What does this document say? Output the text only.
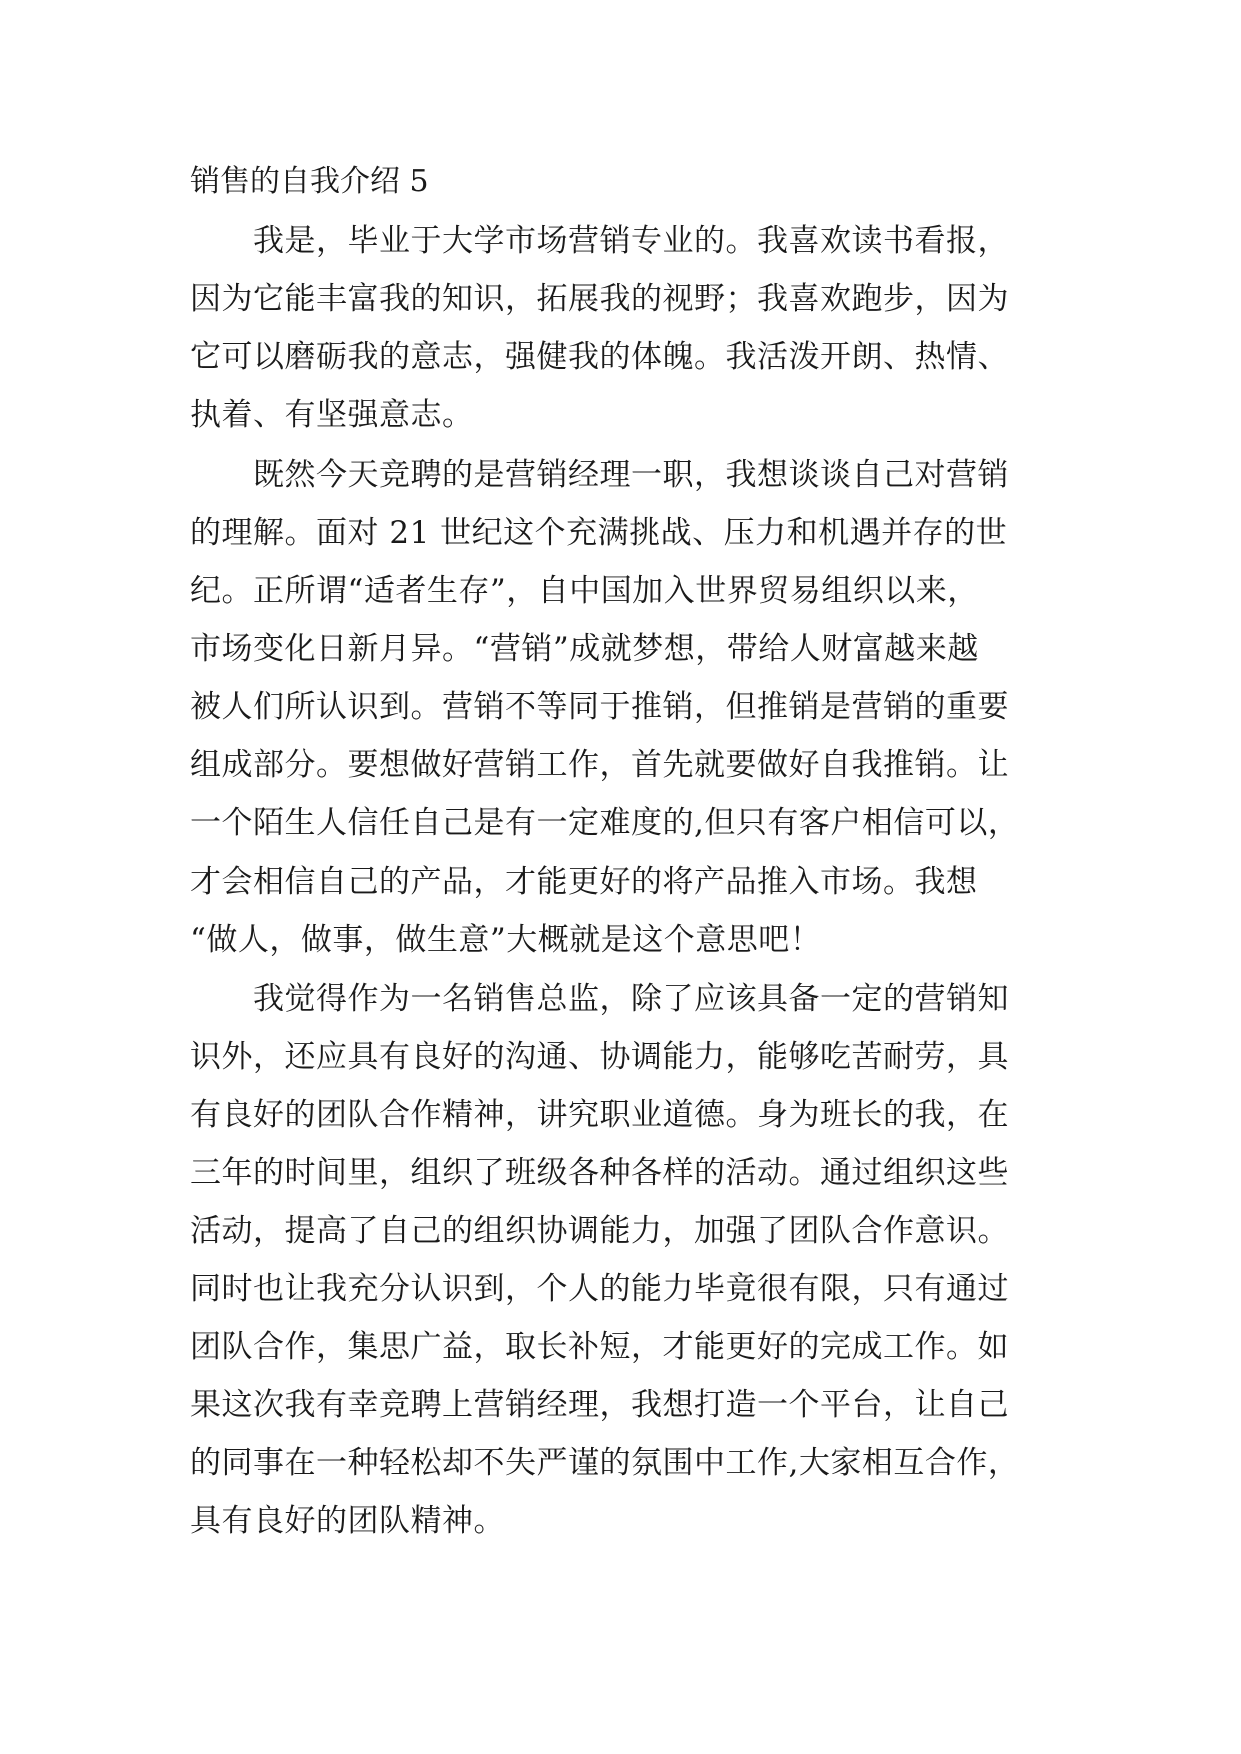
销售的自我介绍 5
　　我是，毕业于大学市场营销专业的。我喜欢读书看报，
因为它能丰富我的知识，拓展我的视野；我喜欢跑步，因为
它可以磨砺我的意志，强健我的体魄。我活泼开朗、热情、
执着、有坚强意志。
　　既然今天竞聘的是营销经理一职，我想谈谈自己对营销
的理解。面对 21 世纪这个充满挑战、压力和机遇并存的世
纪。正所谓“适者生存”，自中国加入世界贸易组织以来，
市场变化日新月异。“营销”成就梦想，带给人财富越来越
被人们所认识到。营销不等同于推销，但推销是营销的重要
组成部分。要想做好营销工作，首先就要做好自我推销。让
一个陌生人信任自己是有一定难度的,但只有客户相信可以，
才会相信自己的产品，才能更好的将产品推入市场。我想
“做人，做事，做生意”大概就是这个意思吧！
　　我觉得作为一名销售总监，除了应该具备一定的营销知
识外，还应具有良好的沟通、协调能力，能够吃苦耐劳，具
有良好的团队合作精神，讲究职业道德。身为班长的我，在
三年的时间里，组织了班级各种各样的活动。通过组织这些
活动，提高了自己的组织协调能力，加强了团队合作意识。
同时也让我充分认识到，个人的能力毕竟很有限，只有通过
团队合作，集思广益，取长补短，才能更好的完成工作。如
果这次我有幸竞聘上营销经理，我想打造一个平台，让自己
的同事在一种轻松却不失严谨的氛围中工作,大家相互合作，
具有良好的团队精神。
